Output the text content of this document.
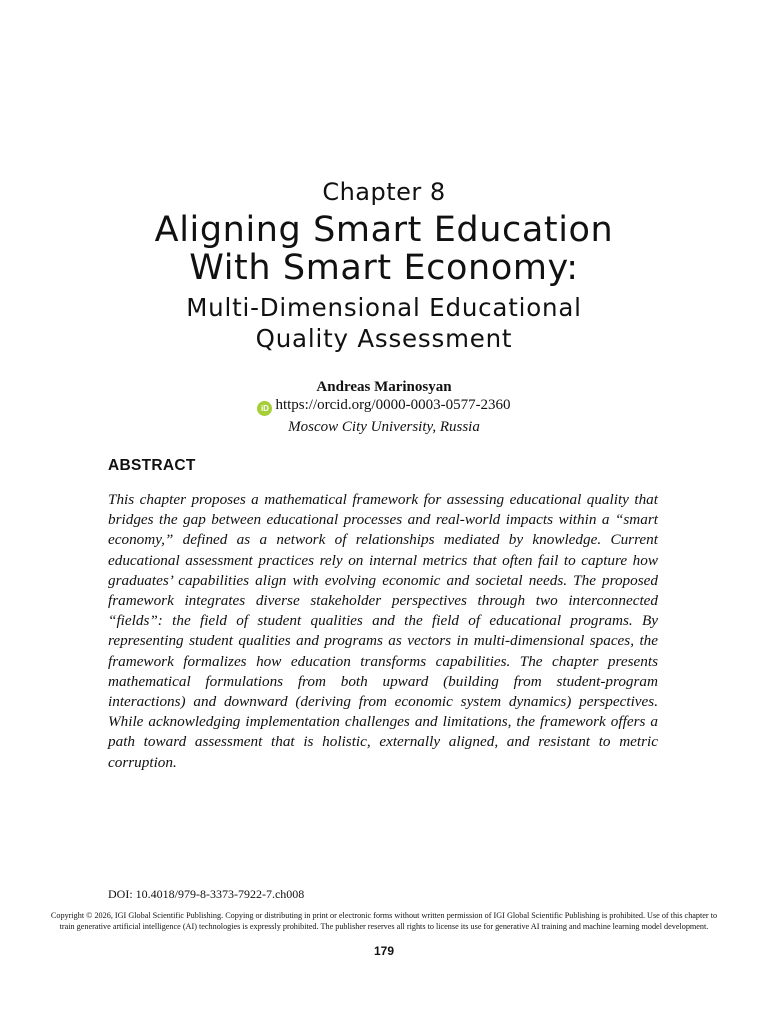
Chapter 8
Aligning Smart Education
With Smart Economy:
Multi-Dimensional Educational
Quality Assessment
Andreas Marinosyan
iD https://orcid.org/0000-0003-0577-2360
Moscow City University, Russia
ABSTRACT
This chapter proposes a mathematical framework for assessing educational quality that bridges the gap between educational processes and real-world impacts within a “smart economy,” defined as a network of relationships mediated by knowledge. Current educational assessment practices rely on internal metrics that often fail to capture how graduates’ capabilities align with evolving economic and societal needs. The proposed framework integrates diverse stakeholder perspectives through two interconnected “fields”: the field of student qualities and the field of educational programs. By representing student qualities and programs as vectors in multi-dimensional spaces, the framework formalizes how education transforms capabilities. The chapter presents mathematical formulations from both upward (building from student-program interactions) and downward (deriving from economic system dynamics) perspectives. While acknowledging implementation challenges and limitations, the framework offers a path toward assessment that is holistic, externally aligned, and resistant to metric corruption.
DOI: 10.4018/979-8-3373-7922-7.ch008
Copyright © 2026, IGI Global Scientific Publishing. Copying or distributing in print or electronic forms without written permission of IGI Global Scientific Publishing is prohibited. Use of this chapter to
train generative artificial intelligence (AI) technologies is expressly prohibited. The publisher reserves all rights to license its use for generative AI training and machine learning model development.
179
